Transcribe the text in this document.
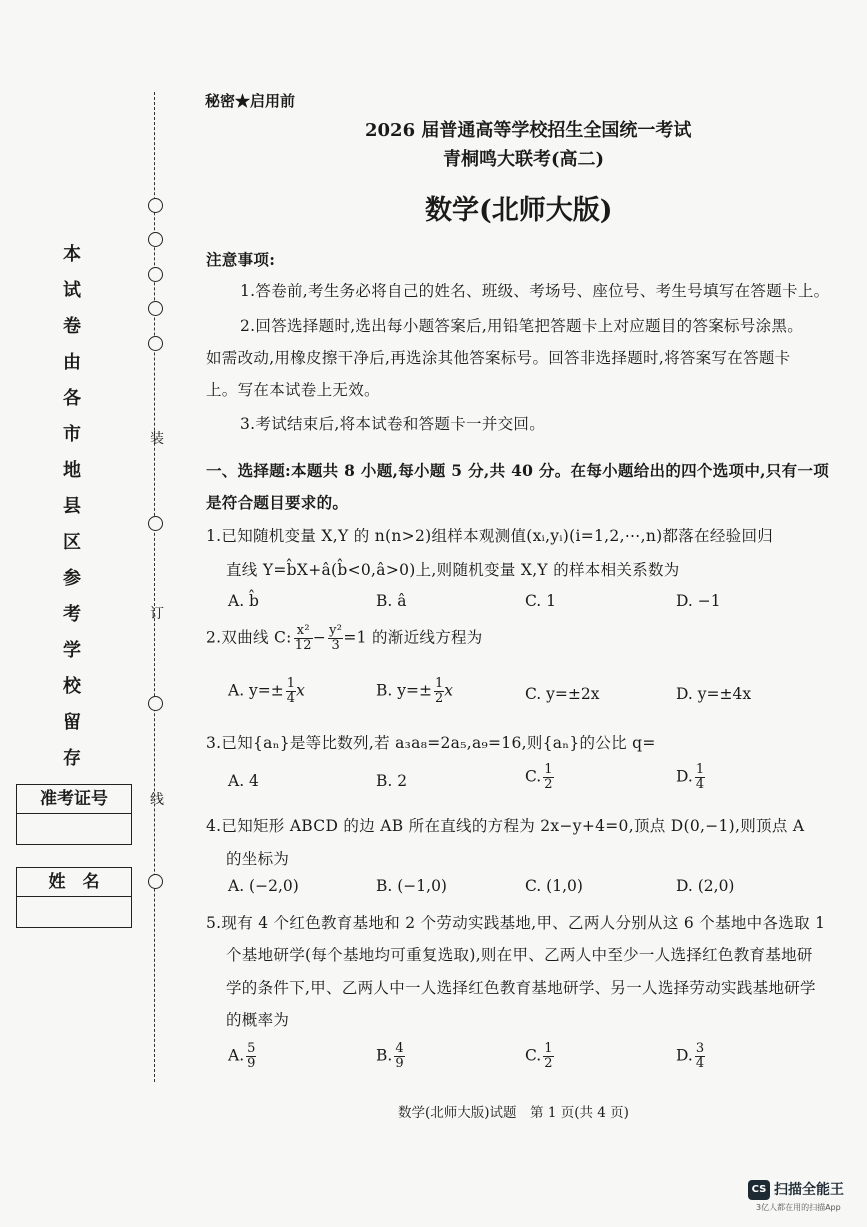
装
订
线
本
试
卷
由
各
市
地
县
区
参
考
学
校
留
存
准考证号
姓　名
秘密★启用前
2026 届普通高等学校招生全国统一考试
青桐鸣大联考(高二)
数学(北师大版)
注意事项:
1.答卷前,考生务必将自己的姓名、班级、考场号、座位号、考生号填写在答题卡上。
2.回答选择题时,选出每小题答案后,用铅笔把答题卡上对应题目的答案标号涂黑。
如需改动,用橡皮擦干净后,再选涂其他答案标号。回答非选择题时,将答案写在答题卡
上。写在本试卷上无效。
3.考试结束后,将本试卷和答题卡一并交回。
一、选择题:本题共 8 小题,每小题 5 分,共 40 分。在每小题给出的四个选项中,只有一项
是符合题目要求的。
1.已知随机变量 X,Y 的 n(n>2)组样本观测值(xᵢ,yᵢ)(i=1,2,⋯,n)都落在经验回归
直线 Y=b̂X+â(b̂<0,â>0)上,则随机变量 X,Y 的样本相关系数为
A. b̂	B. â	C. 1	D. −1
2.双曲线 C: $\frac{\text{x²}}{12} - \frac{\text{y²}}{3} =1$ 的渐近线方程为
A. $y=\pm \frac{1}{4}$ x	B. $y=\pm \frac{1}{2}$ x	C. y=±2x	D. y=±4x
3.已知{aₙ}是等比数列,若 a₃a₈=2a₅,a₉=16,则{aₙ}的公比 q=
A. 4	B. 2	C. $\frac{1}{2}$	D. $\frac{1}{4}$
4.已知矩形 ABCD 的边 AB 所在直线的方程为 2x−y+4=0,顶点 D(0,−1),则顶点 A
的坐标为
A. (−2,0)	B. (−1,0)	C. (1,0)	D. (2,0)
5.现有 4 个红色教育基地和 2 个劳动实践基地,甲、乙两人分别从这 6 个基地中各选取 1
个基地研学(每个基地均可重复选取),则在甲、乙两人中至少一人选择红色教育基地研
学的条件下,甲、乙两人中一人选择红色教育基地研学、另一人选择劳动实践基地研学
的概率为
A. $\frac{5}{9}$	B. $\frac{4}{9}$	C. $\frac{1}{2}$	D. $\frac{3}{4}$
数学(北师大版)试题　第 1 页(共 4 页)
CS 扫描全能王
3亿人都在用的扫描App
